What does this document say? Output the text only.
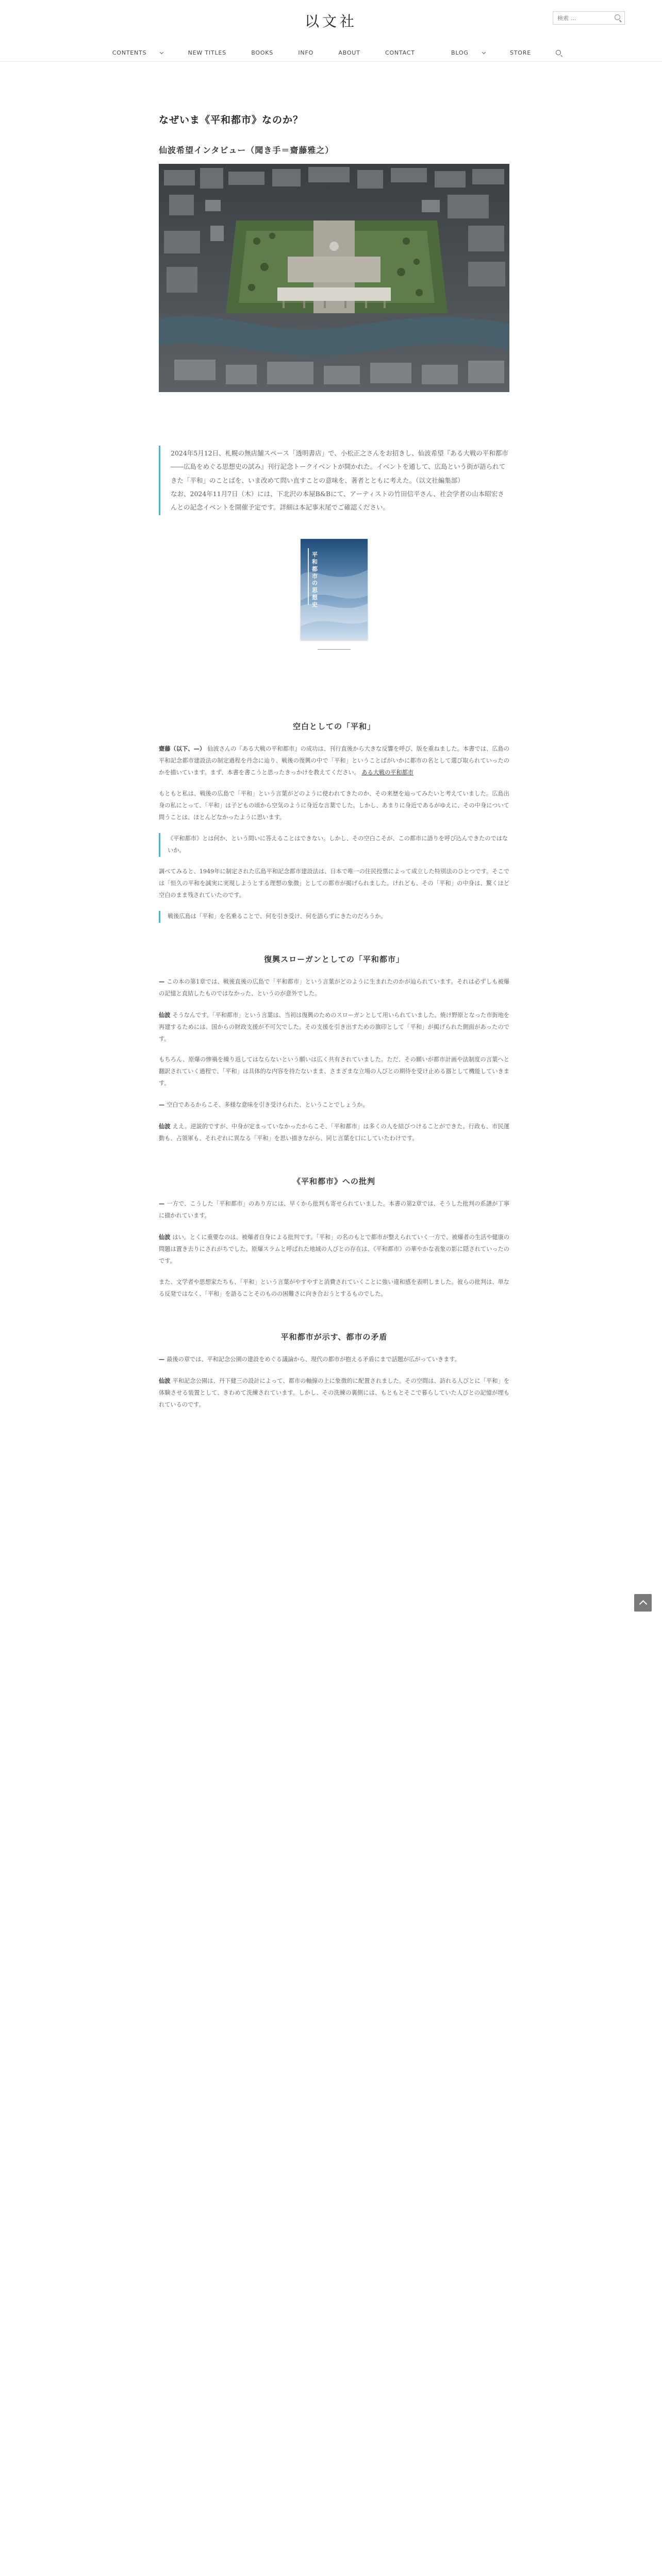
以文社
検索 …
CONTENTS	NEW TITLES	BOOKS	INFO	ABOUT	CONTACT	BLOG	STORE
なぜいま《平和都市》なのか？
仙波希望インタビュー（聞き手＝齋藤雅之）

2024年5月12日、札幌の無店舗スペース「透明書店」で、小松正之さんをお招きし、仙波希望『ある大戦の平和都市――広島をめぐる思想史の試み』刊行記念トークイベントが開かれた。イベントを通して、広島という街が語られてきた「平和」のことばを、いま改めて問い直すことの意味を、著者とともに考えた。（以文社編集部）

なお、2024年11月7日（木）には、下北沢の本屋B&Bにて、アーティストの竹田信平さん、社会学者の山本昭宏さんとの記念イベントを開催予定です。詳細は本記事末尾でご確認ください。

平和都市の思想史
空白としての「平和」

齋藤（以下、—） 仙波さんの『ある大戦の平和都市』の成功は、刊行直後から大きな反響を呼び、版を重ねました。本書では、広島の平和記念都市建設法の制定過程を丹念に辿り、戦後の復興の中で「平和」ということばがいかに都市の名として選び取られていったのかを描いています。まず、本書を書こうと思ったきっかけを教えてください。 ある大戦の平和都市

もともと私は、戦後の広島で「平和」という言葉がどのように使われてきたのか、その来歴を辿ってみたいと考えていました。広島出身の私にとって、「平和」は子どもの頃から空気のように身近な言葉でした。しかし、あまりに身近であるがゆえに、その中身について問うことは、ほとんどなかったように思います。

《平和都市》とは何か、という問いに答えることはできない。しかし、その空白こそが、この都市に語りを呼び込んできたのではないか。

調べてみると、1949年に制定された広島平和記念都市建設法は、日本で唯一の住民投票によって成立した特別法のひとつです。そこでは「恒久の平和を誠実に実現しようとする理想の象徴」としての都市が掲げられました。けれども、その「平和」の中身は、驚くほど空白のまま残されていたのです。

戦後広島は「平和」を名乗ることで、何を引き受け、何を語らずにきたのだろうか。
復興スローガンとしての「平和都市」

— この本の第1章では、戦後直後の広島で「平和都市」という言葉がどのように生まれたのかが辿られています。それは必ずしも被爆の記憶と直結したものではなかった、というのが意外でした。

仙波 そうなんです。「平和都市」という言葉は、当初は復興のためのスローガンとして用いられていました。焼け野原となった市街地を再建するためには、国からの財政支援が不可欠でした。その支援を引き出すための旗印として「平和」が掲げられた側面があったのです。

もちろん、原爆の惨禍を繰り返してはならないという願いは広く共有されていました。ただ、その願いが都市計画や法制度の言葉へと翻訳されていく過程で、「平和」は具体的な内容を持たないまま、さまざまな立場の人びとの期待を受け止める器として機能していきます。

— 空白であるからこそ、多様な意味を引き受けられた、ということでしょうか。

仙波 ええ。逆説的ですが、中身が定まっていなかったからこそ、「平和都市」は多くの人を結びつけることができた。行政も、市民運動も、占領軍も、それぞれに異なる「平和」を思い描きながら、同じ言葉を口にしていたわけです。

《平和都市》への批判

— 一方で、こうした「平和都市」のあり方には、早くから批判も寄せられていました。本書の第2章では、そうした批判の系譜が丁寧に描かれています。

仙波 はい。とくに重要なのは、被爆者自身による批判です。「平和」の名のもとで都市が整えられていく一方で、被爆者の生活や健康の問題は置き去りにされがちでした。原爆スラムと呼ばれた地域の人びとの存在は、《平和都市》の華やかな表象の影に隠されていったのです。

また、文学者や思想家たちも、「平和」という言葉がやすやすと消費されていくことに強い違和感を表明しました。彼らの批判は、単なる反発ではなく、「平和」を語ることそのものの困難さに向き合おうとするものでした。

平和都市が示す、都市の矛盾

— 最後の章では、平和記念公園の建設をめぐる議論から、現代の都市が抱える矛盾にまで話題が広がっていきます。

仙波 平和記念公園は、丹下健三の設計によって、都市の軸線の上に象徴的に配置されました。その空間は、訪れる人びとに「平和」を体験させる装置として、きわめて洗練されています。しかし、その洗練の裏側には、もともとそこで暮らしていた人びとの記憶が埋もれているのです。
